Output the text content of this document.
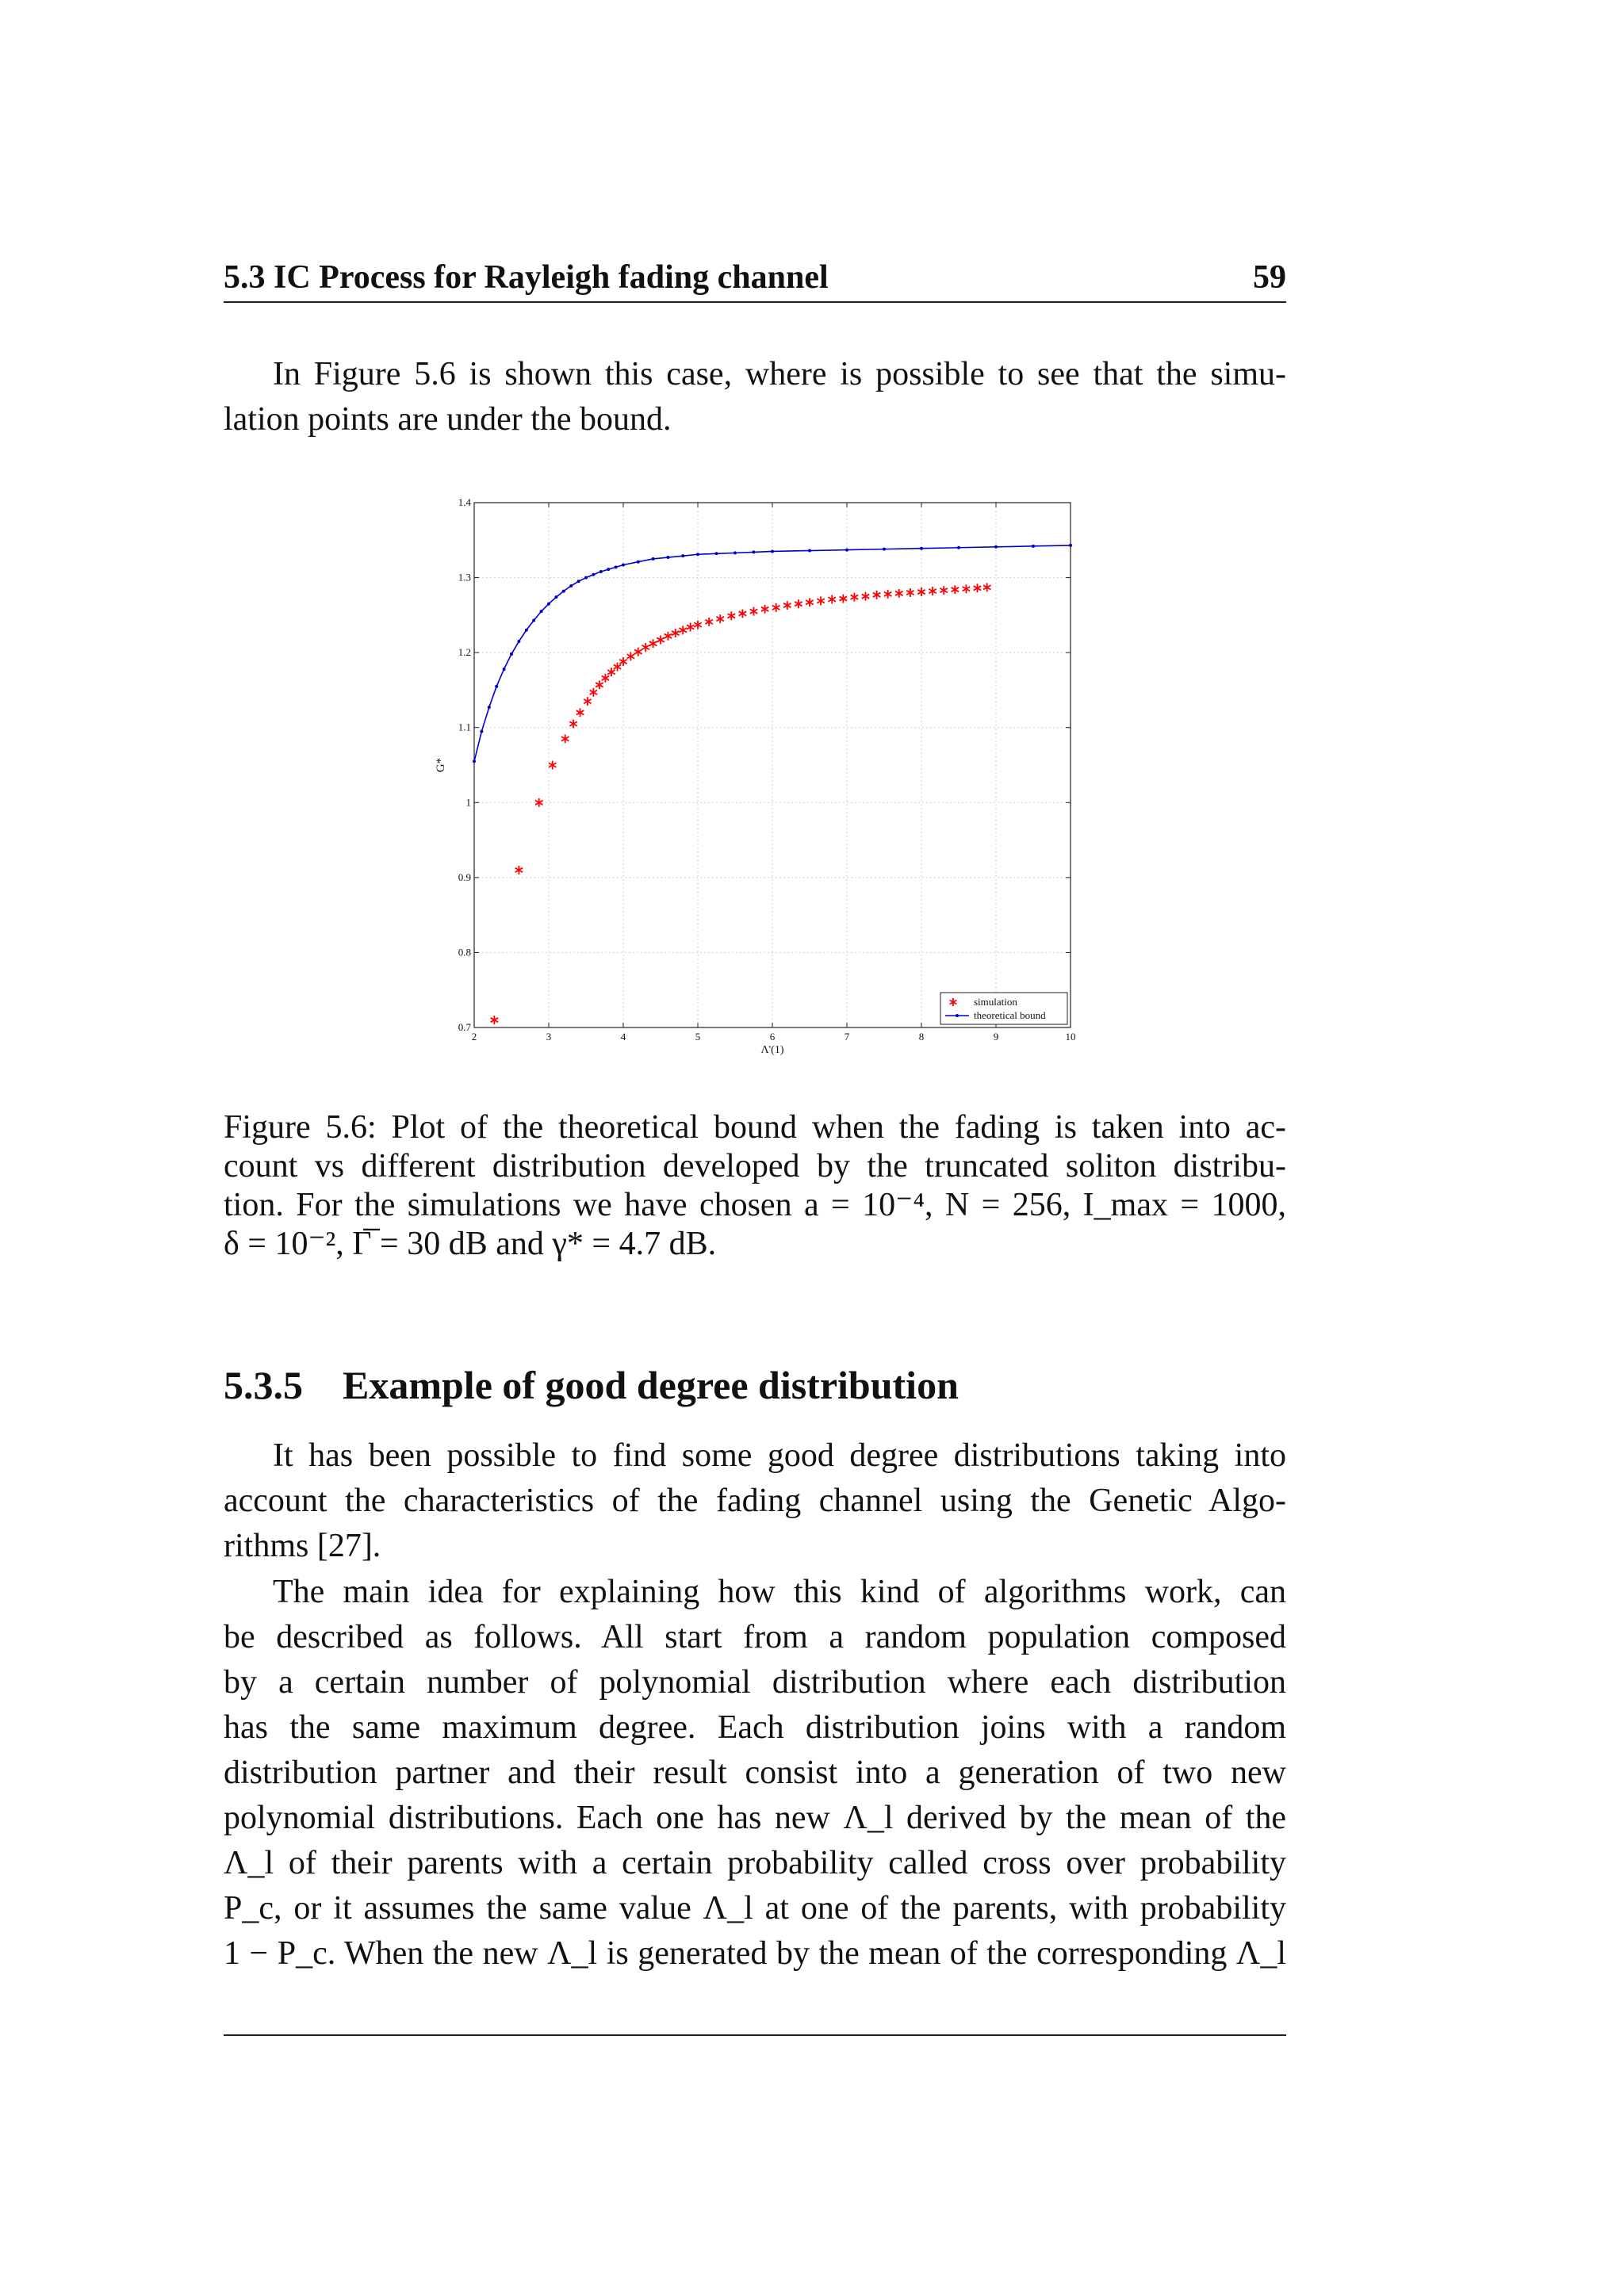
5.3 IC Process for Rayleigh fading channel	59
In Figure 5.6 is shown this case, where is possible to see that the simu-
lation points are under the bound.
2	3	4	5	6	7	8	9	10
0.7
0.8
0.9
1
1.1
1.2
1.3
1.4
Λ'(1)
G*
simulation
theoretical bound
Figure 5.6: Plot of the theoretical bound when the fading is taken into ac-
count vs different distribution developed by the truncated soliton distribu-
tion. For the simulations we have chosen a = 10⁻⁴, N = 256, I_max = 1000,
δ = 10⁻², Γ̅ = 30 dB and γ* = 4.7 dB.
5.3.5 Example of good degree distribution
It has been possible to find some good degree distributions taking into
account the characteristics of the fading channel using the Genetic Algo-
rithms [27].
The main idea for explaining how this kind of algorithms work, can
be described as follows. All start from a random population composed
by a certain number of polynomial distribution where each distribution
has the same maximum degree. Each distribution joins with a random
distribution partner and their result consist into a generation of two new
polynomial distributions. Each one has new Λ_l derived by the mean of the
Λ_l of their parents with a certain probability called cross over probability
P_c, or it assumes the same value Λ_l at one of the parents, with probability
1 − P_c. When the new Λ_l is generated by the mean of the corresponding Λ_l
